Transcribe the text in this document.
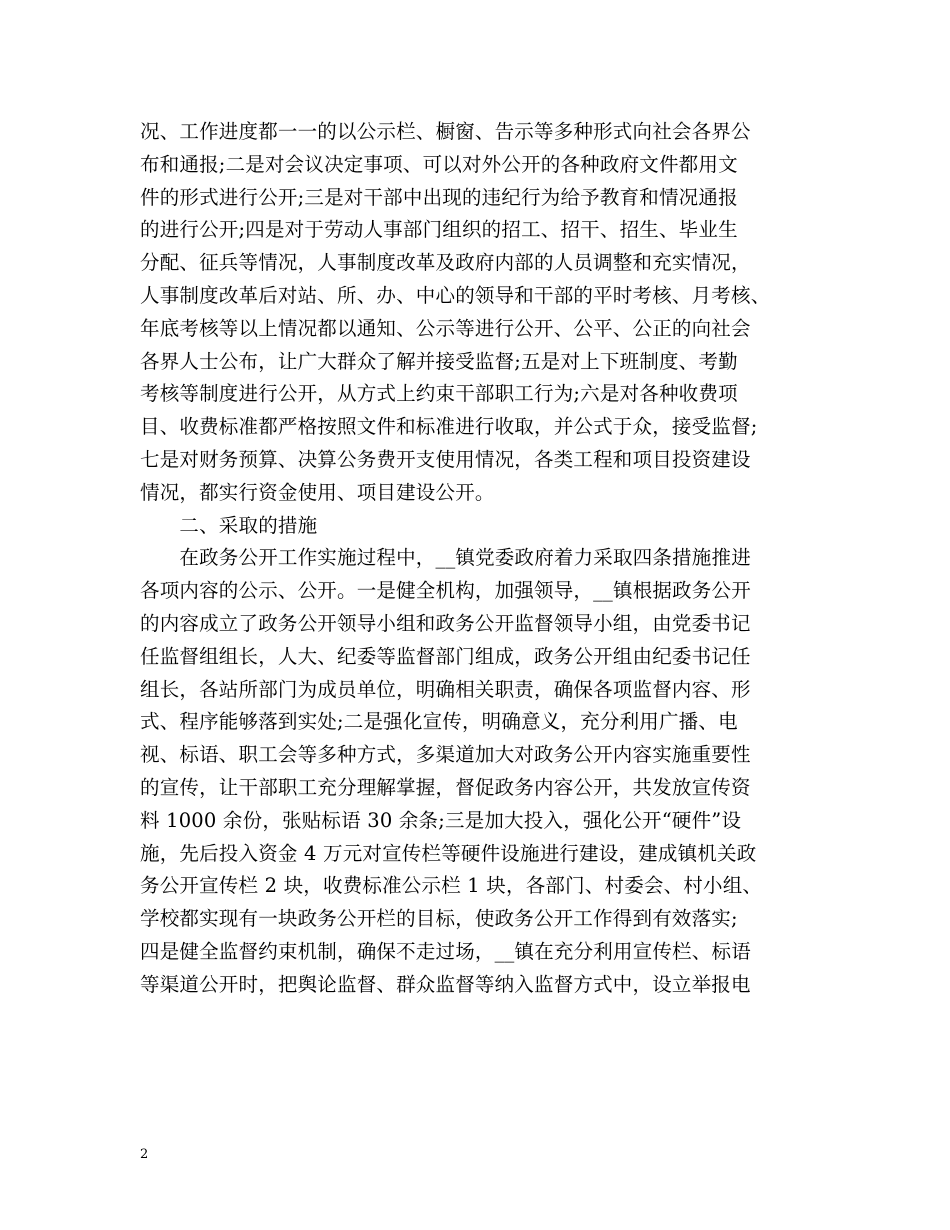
况、工作进度都一一的以公示栏、橱窗、告示等多种形式向社会各界公
布和通报;二是对会议决定事项、可以对外公开的各种政府文件都用文
件的形式进行公开;三是对干部中出现的违纪行为给予教育和情况通报
的进行公开;四是对于劳动人事部门组织的招工、招干、招生、毕业生
分配、征兵等情况，人事制度改革及政府内部的人员调整和充实情况，
人事制度改革后对站、所、办、中心的领导和干部的平时考核、月考核、
年底考核等以上情况都以通知、公示等进行公开、公平、公正的向社会
各界人士公布，让广大群众了解并接受监督;五是对上下班制度、考勤
考核等制度进行公开，从方式上约束干部职工行为;六是对各种收费项
目、收费标准都严格按照文件和标准进行收取，并公式于众，接受监督;
七是对财务预算、决算公务费开支使用情况，各类工程和项目投资建设
情况，都实行资金使用、项目建设公开。
　　二、采取的措施
　　在政务公开工作实施过程中，__镇党委政府着力采取四条措施推进
各项内容的公示、公开。一是健全机构，加强领导，__镇根据政务公开
的内容成立了政务公开领导小组和政务公开监督领导小组，由党委书记
任监督组组长，人大、纪委等监督部门组成，政务公开组由纪委书记任
组长，各站所部门为成员单位，明确相关职责，确保各项监督内容、形
式、程序能够落到实处;二是强化宣传，明确意义，充分利用广播、电
视、标语、职工会等多种方式，多渠道加大对政务公开内容实施重要性
的宣传，让干部职工充分理解掌握，督促政务内容公开，共发放宣传资
料 1000 余份，张贴标语 30 余条;三是加大投入，强化公开“硬件”设
施，先后投入资金 4 万元对宣传栏等硬件设施进行建设，建成镇机关政
务公开宣传栏 2 块，收费标准公示栏 1 块，各部门、村委会、村小组、
学校都实现有一块政务公开栏的目标，使政务公开工作得到有效落实;
四是健全监督约束机制，确保不走过场，__镇在充分利用宣传栏、标语
等渠道公开时，把舆论监督、群众监督等纳入监督方式中，设立举报电
2
